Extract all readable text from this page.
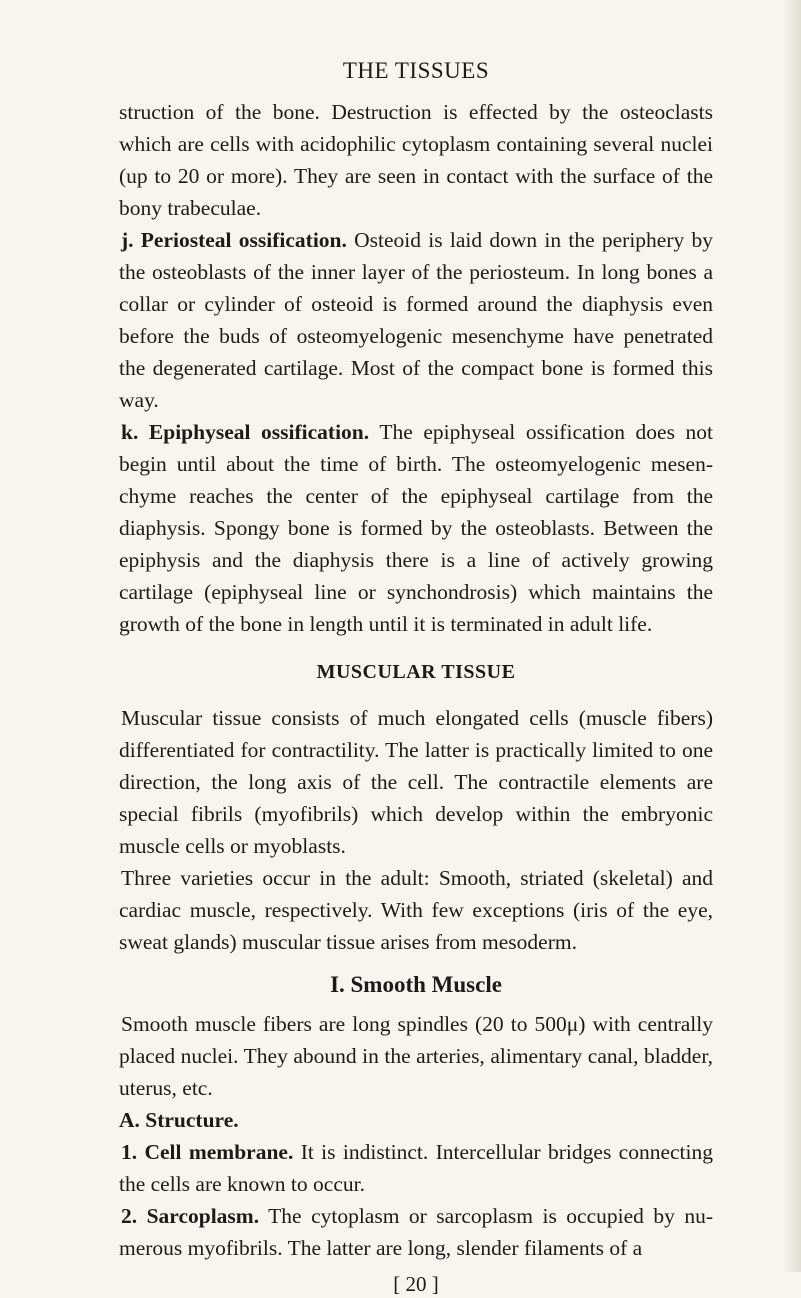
THE TISSUES

struction of the bone. Destruction is effected by the osteoclasts which are cells with acidophilic cytoplasm containing several nuclei (up to 20 or more). They are seen in contact with the surface of the bony trabeculae.

j. Periosteal ossification. Osteoid is laid down in the periphery by the osteoblasts of the inner layer of the periosteum. In long bones a collar or cylinder of osteoid is formed around the diaphysis even before the buds of osteomyelogenic mesenchyme have penetrated the degenerated cartilage. Most of the compact bone is formed this way.

k. Epiphyseal ossification. The epiphyseal ossification does not begin until about the time of birth. The osteomyelogenic mesenchyme reaches the center of the epiphyseal cartilage from the diaphysis. Spongy bone is formed by the osteoblasts. Between the epiphysis and the diaphysis there is a line of actively growing cartilage (epiphyseal line or synchondrosis) which maintains the growth of the bone in length until it is terminated in adult life.

MUSCULAR TISSUE

Muscular tissue consists of much elongated cells (muscle fibers) differentiated for contractility. The latter is practically limited to one direction, the long axis of the cell. The contractile elements are special fibrils (myofibrils) which develop within the embryonic muscle cells or myoblasts.

Three varieties occur in the adult: Smooth, striated (skeletal) and cardiac muscle, respectively. With few exceptions (iris of the eye, sweat glands) muscular tissue arises from mesoderm.

I. Smooth Muscle

Smooth muscle fibers are long spindles (20 to 500μ) with centrally placed nuclei. They abound in the arteries, alimentary canal, bladder, uterus, etc.

A. Structure.

1. Cell membrane. It is indistinct. Intercellular bridges connecting the cells are known to occur.

2. Sarcoplasm. The cytoplasm or sarcoplasm is occupied by numerous myofibrils. The latter are long, slender filaments of a

[ 20 ]
